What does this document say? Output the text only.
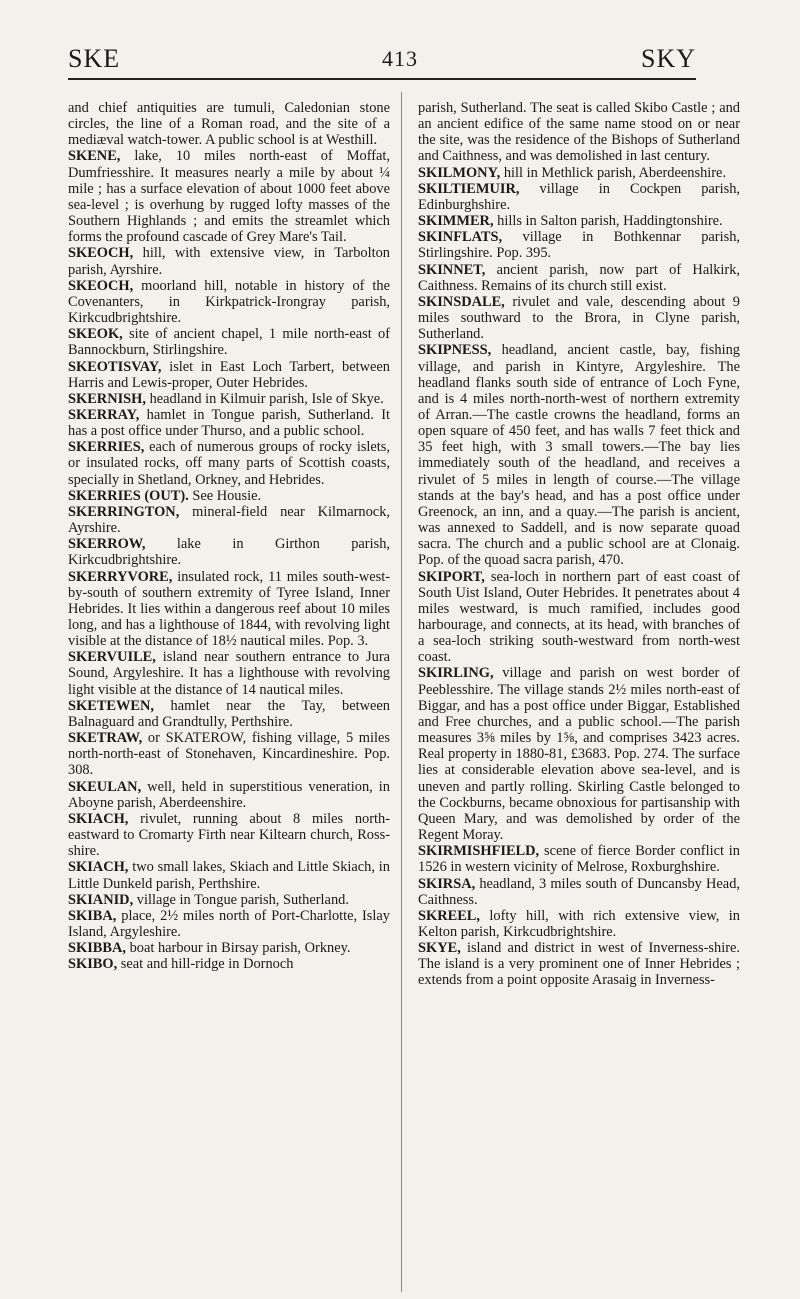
SKE	413	SKY

and chief antiquities are tumuli, Caledonian stone circles, the line of a Roman road, and the site of a mediæval watch-tower. A public school is at Westhill.

SKENE, lake, 10 miles north-east of Moffat, Dumfriesshire. It measures nearly a mile by about ¼ mile ; has a surface elevation of about 1000 feet above sea-level ; is overhung by rugged lofty masses of the Southern Highlands ; and emits the streamlet which forms the profound cascade of Grey Mare's Tail.

SKEOCH, hill, with extensive view, in Tarbolton parish, Ayrshire.

SKEOCH, moorland hill, notable in history of the Covenanters, in Kirkpatrick-Irongray parish, Kirkcudbrightshire.

SKEOK, site of ancient chapel, 1 mile north-east of Bannockburn, Stirlingshire.

SKEOTISVAY, islet in East Loch Tarbert, between Harris and Lewis-proper, Outer Hebrides.

SKERNISH, headland in Kilmuir parish, Isle of Skye.

SKERRAY, hamlet in Tongue parish, Sutherland. It has a post office under Thurso, and a public school.

SKERRIES, each of numerous groups of rocky islets, or insulated rocks, off many parts of Scottish coasts, specially in Shetland, Orkney, and Hebrides.

SKERRIES (OUT). See Housie.

SKERRINGTON, mineral-field near Kilmarnock, Ayrshire.

SKERROW, lake in Girthon parish, Kirkcudbrightshire.

SKERRYVORE, insulated rock, 11 miles south-west-by-south of southern extremity of Tyree Island, Inner Hebrides. It lies within a dangerous reef about 10 miles long, and has a lighthouse of 1844, with revolving light visible at the distance of 18½ nautical miles. Pop. 3.

SKERVUILE, island near southern entrance to Jura Sound, Argyleshire. It has a lighthouse with revolving light visible at the distance of 14 nautical miles.

SKETEWEN, hamlet near the Tay, between Balnaguard and Grandtully, Perthshire.

SKETRAW, or SKATEROW, fishing village, 5 miles north-north-east of Stonehaven, Kincardineshire. Pop. 308.

SKEULAN, well, held in superstitious veneration, in Aboyne parish, Aberdeenshire.

SKIACH, rivulet, running about 8 miles north-eastward to Cromarty Firth near Kiltearn church, Ross-shire.

SKIACH, two small lakes, Skiach and Little Skiach, in Little Dunkeld parish, Perthshire.

SKIANID, village in Tongue parish, Sutherland.

SKIBA, place, 2½ miles north of Port-Charlotte, Islay Island, Argyleshire.

SKIBBA, boat harbour in Birsay parish, Orkney.

SKIBO, seat and hill-ridge in Dornoch

parish, Sutherland. The seat is called Skibo Castle ; and an ancient edifice of the same name stood on or near the site, was the residence of the Bishops of Sutherland and Caithness, and was demolished in last century.

SKILMONY, hill in Methlick parish, Aberdeenshire.

SKILTIEMUIR, village in Cockpen parish, Edinburghshire.

SKIMMER, hills in Salton parish, Haddingtonshire.

SKINFLATS, village in Bothkennar parish, Stirlingshire. Pop. 395.

SKINNET, ancient parish, now part of Halkirk, Caithness. Remains of its church still exist.

SKINSDALE, rivulet and vale, descending about 9 miles southward to the Brora, in Clyne parish, Sutherland.

SKIPNESS, headland, ancient castle, bay, fishing village, and parish in Kintyre, Argyleshire. The headland flanks south side of entrance of Loch Fyne, and is 4 miles north-north-west of northern extremity of Arran.—The castle crowns the headland, forms an open square of 450 feet, and has walls 7 feet thick and 35 feet high, with 3 small towers.—The bay lies immediately south of the headland, and receives a rivulet of 5 miles in length of course.—The village stands at the bay's head, and has a post office under Greenock, an inn, and a quay.—The parish is ancient, was annexed to Saddell, and is now separate quoad sacra. The church and a public school are at Clonaig. Pop. of the quoad sacra parish, 470.

SKIPORT, sea-loch in northern part of east coast of South Uist Island, Outer Hebrides. It penetrates about 4 miles westward, is much ramified, includes good harbourage, and connects, at its head, with branches of a sea-loch striking south-westward from north-west coast.

SKIRLING, village and parish on west border of Peeblesshire. The village stands 2½ miles north-east of Biggar, and has a post office under Biggar, Established and Free churches, and a public school.—The parish measures 3⅝ miles by 1⅝, and comprises 3423 acres. Real property in 1880-81, £3683. Pop. 274. The surface lies at considerable elevation above sea-level, and is uneven and partly rolling. Skirling Castle belonged to the Cockburns, became obnoxious for partisanship with Queen Mary, and was demolished by order of the Regent Moray.

SKIRMISHFIELD, scene of fierce Border conflict in 1526 in western vicinity of Melrose, Roxburghshire.

SKIRSA, headland, 3 miles south of Duncansby Head, Caithness.

SKREEL, lofty hill, with rich extensive view, in Kelton parish, Kirkcudbrightshire.

SKYE, island and district in west of Inverness-shire. The island is a very prominent one of Inner Hebrides ; extends from a point opposite Arasaig in Inverness-
